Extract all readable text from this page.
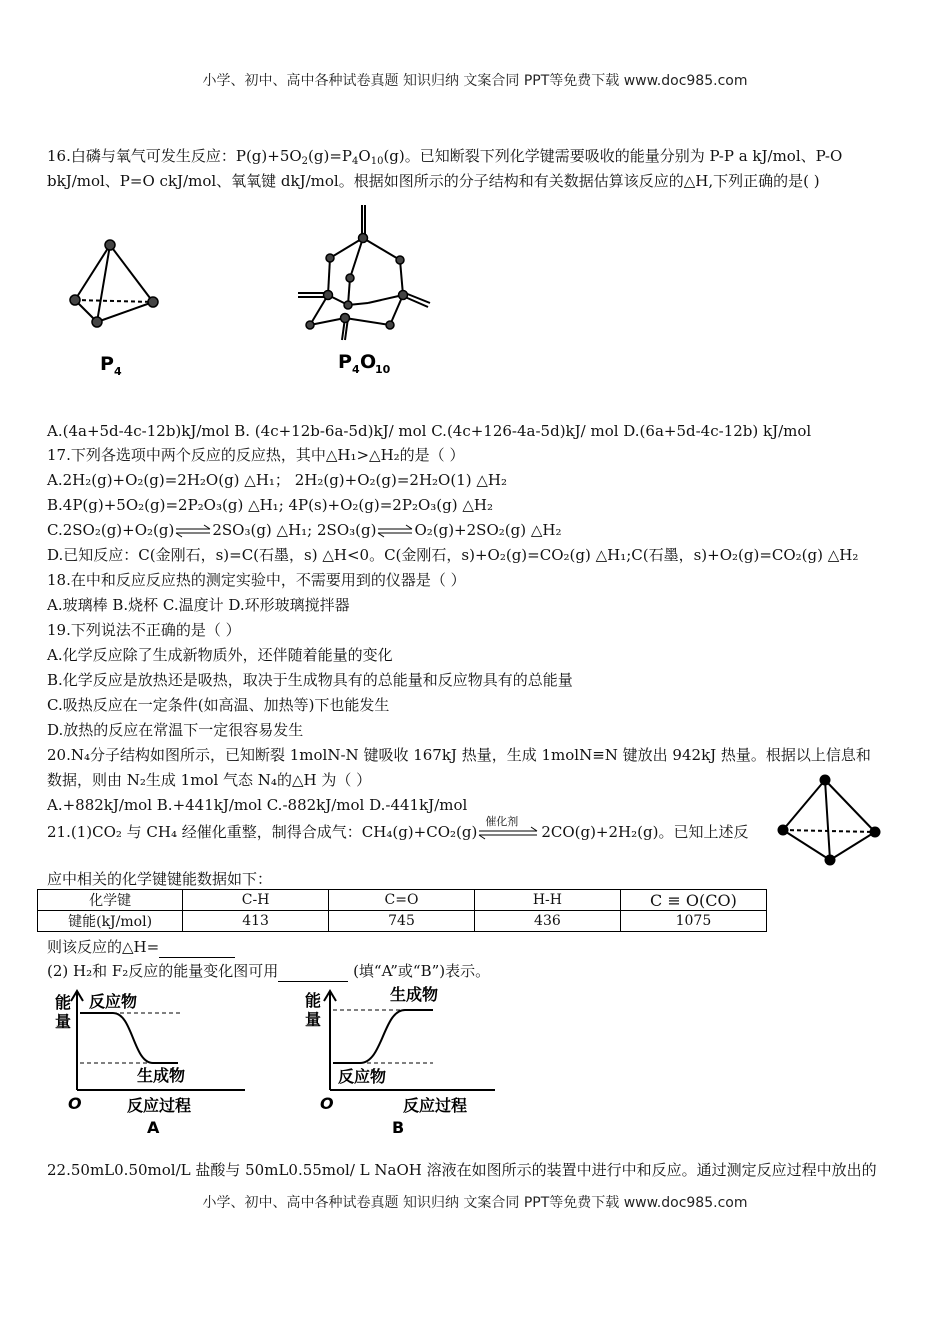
小学、初中、高中各种试卷真题 知识归纳 文案合同 PPT等免费下载 www.doc985.com
16.白磷与氧气可发生反应：$P(g)+5O_2(g)=P_4O_{10}(g)$。已知断裂下列化学键需要吸收的能量分别为 P-P a kJ/mol、P-O
bkJ/mol、P=O ckJ/mol、氧氧键 dkJ/mol。根据如图所示的分子结构和有关数据估算该反应的△H,下列正确的是( )
P 4	P 4 O
10
A.(4a+5d-4c-12b)kJ/mol B. (4c+12b-6a-5d)kJ/ mol C.(4c+126-4a-5d)kJ/ mol D.(6a+5d-4c-12b) kJ/mol
17.下列各选项中两个反应的反应热，其中△H₁>△H₂的是（ ）
A.2H₂(g)+O₂(g)=2H₂O(g) △H₁； 2H₂(g)+O₂(g)=2H₂O(1) △H₂
B.4P(g)+5O₂(g)=2P₂O₃(g) △H₁; 4P(s)+O₂(g)=2P₂O₃(g) △H₂
C.2SO₂(g)+O₂(g)⇌2SO₃(g) △H₁; 2SO₃(g)⇌O₂(g)+2SO₂(g) △H₂
D.已知反应：C(金刚石，s)=C(石墨，s) △H<0。C(金刚石，s)+O₂(g)=CO₂(g) △H₁;C(石墨，s)+O₂(g)=CO₂(g) △H₂
18.在中和反应反应热的测定实验中，不需要用到的仪器是（ ）
A.玻璃棒 B.烧杯 C.温度计 D.环形玻璃搅拌器
19.下列说法不正确的是（ ）
A.化学反应除了生成新物质外，还伴随着能量的变化
B.化学反应是放热还是吸热，取决于生成物具有的总能量和反应物具有的总能量
C.吸热反应在一定条件(如高温、加热等)下也能发生
D.放热的反应在常温下一定很容易发生
20.N₄分子结构如图所示，已知断裂 1molN-N 键吸收 167kJ 热量，生成 1molN≡N 键放出 942kJ 热量。根据以上信息和
数据，则由 N₂生成 1mol 气态 N₄的△H 为（ ）
A.+882kJ/mol B.+441kJ/mol C.-882kJ/mol D.-441kJ/mol
21.(1)CO₂ 与 CH₄ 经催化重整，制得合成气：CH₄(g)+CO₂(g)
催化剂
2CO(g)+2H₂(g)。已知上述反
应中相关的化学键键能数据如下：
化学键	C-H	C=O	H-H	C ≡ O(CO)
键能(kJ/mol)	413	745	436	1075
则该反应的△H=
(2) H₂和 F₂反应的能量变化图可用	(填“A”或“B”)表示。
能
量
反应物
生成物
O	反应过程
A
能
量
生成物
反应物
O	反应过程
B
22.50mL0.50mol/L 盐酸与 50mL0.55mol/ L NaOH 溶液在如图所示的装置中进行中和反应。通过测定反应过程中放出的
小学、初中、高中各种试卷真题 知识归纳 文案合同 PPT等免费下载 www.doc985.com
